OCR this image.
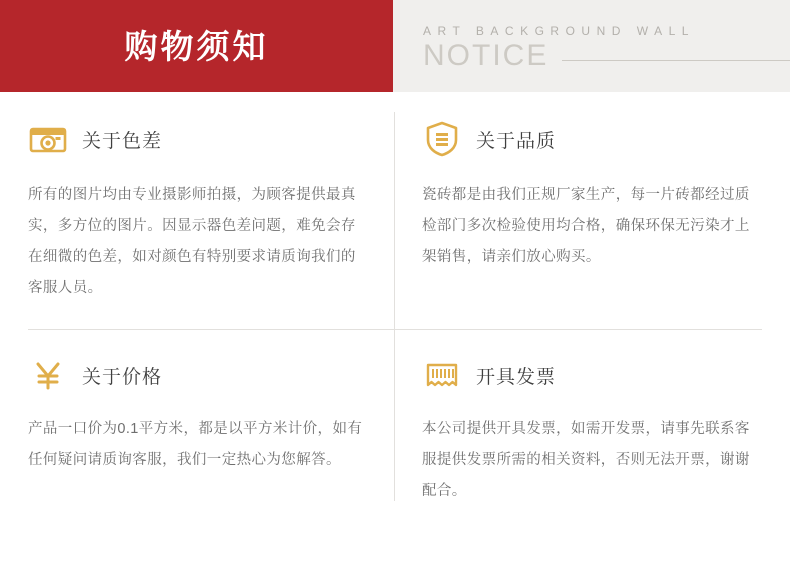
购物须知	ART BACKGROUND WALL
NOTICE
关于色差
所有的图片均由专业摄影师拍摄，为顾客提供最真实，多方位的图片。因显示器色差问题，难免会存在细微的色差，如对颜色有特别要求请质询我们的客服人员。
关于品质
瓷砖都是由我们正规厂家生产，每一片砖都经过质检部门多次检验使用均合格，确保环保无污染才上架销售，请亲们放心购买。
关于价格
产品一口价为0.1平方米，都是以平方米计价，如有任何疑问请质询客服，我们一定热心为您解答。
开具发票
本公司提供开具发票，如需开发票，请事先联系客服提供发票所需的相关资料，否则无法开票，谢谢配合。
